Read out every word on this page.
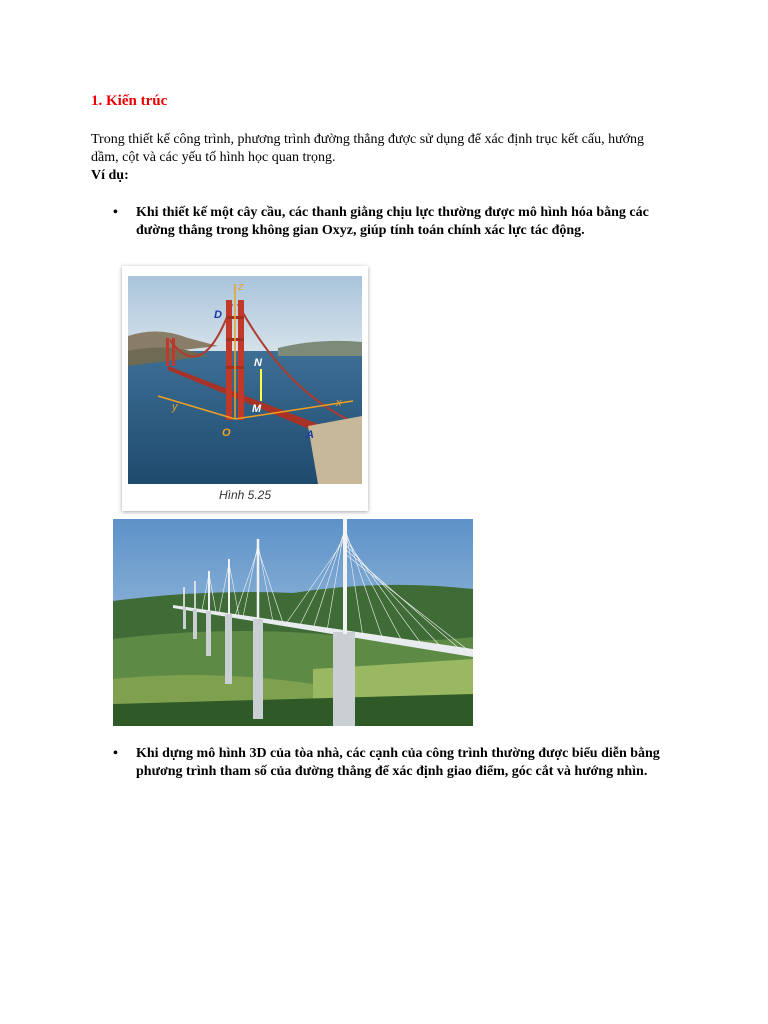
1. Kiến trúc

Trong thiết kế công trình, phương trình đường thẳng được sử dụng để xác định trục kết cấu, hướng dầm, cột và các yếu tố hình học quan trọng.

Ví dụ:

• Khi thiết kế một cây cầu, các thanh giằng chịu lực thường được mô hình hóa bằng các đường thẳng trong không gian Oxyz, giúp tính toán chính xác lực tác động.
z
D
N
M
y	x
O	A
Hình 5.25
• Khi dựng mô hình 3D của tòa nhà, các cạnh của công trình thường được biểu diễn bằng phương trình tham số của đường thẳng để xác định giao điểm, góc cắt và hướng nhìn.
